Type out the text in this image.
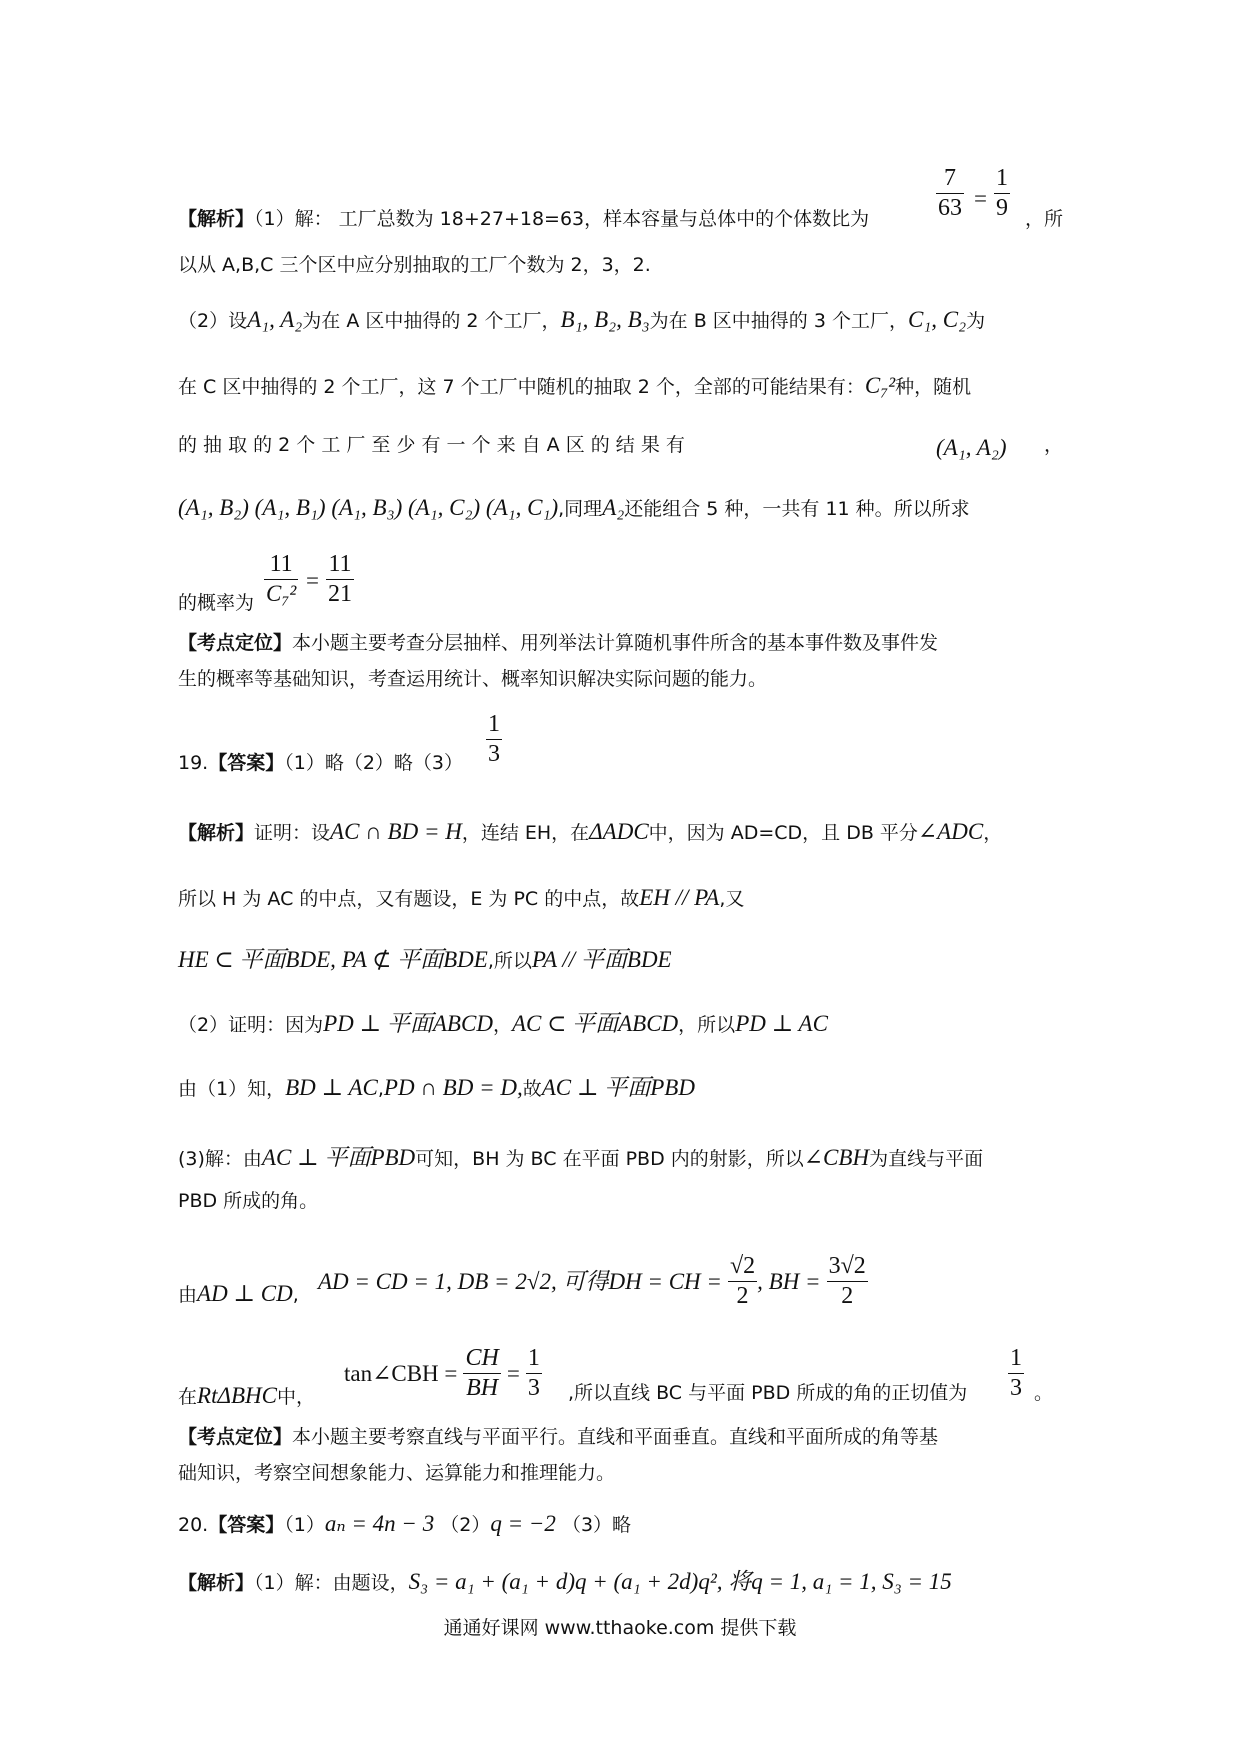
$\frac{7}{63} = \frac{1}{9}$
【解析】（1）解： 工厂总数为 18+27+18=63，样本容量与总体中的个体数比为	，所
以从 A,B,C 三个区中应分别抽取的工厂个数为 2，3，2.
（2）设A₁, A₂为在 A 区中抽得的 2 个工厂，B₁, B₂, B₃为在 B 区中抽得的 3 个工厂，C₁, C₂为
在 C 区中抽得的 2 个工厂，这 7 个工厂中随机的抽取 2 个，全部的可能结果有：C₇²种，随机
的 抽 取 的 2 个 工 厂 至 少 有 一 个 来 自 A 区 的 结 果 有	(A₁, A₂) ，
(A₁, B₂) (A₁, B₁) (A₁, B₃) (A₁, C₂) (A₁, C₁),同理A₂还能组合 5 种，一共有 11 种。所以所求
$\frac{11}{\text{C₇²}} = \frac{11}{21}$
的概率为
【考点定位】本小题主要考查分层抽样、用列举法计算随机事件所含的基本事件数及事件发
生的概率等基础知识，考查运用统计、概率知识解决实际问题的能力。
$\frac{1}{3}$
19.【答案】（1）略（2）略（3）
【解析】证明：设AC ∩ BD = H，连结 EH，在ΔADC中，因为 AD=CD，且 DB 平分∠ADC，
所以 H 为 AC 的中点，又有题设，E 为 PC 的中点，故EH // PA,又
HE ⊂ 平面BDE, PA ⊄ 平面BDE,所以PA // 平面BDE
（2）证明：因为PD ⊥ 平面ABCD，AC ⊂ 平面ABCD，所以PD ⊥ AC
由（1）知，BD ⊥ AC,PD ∩ BD = D,故AC ⊥ 平面PBD
(3)解：由AC ⊥ 平面PBD可知，BH 为 BC 在平面 PBD 内的射影，所以∠CBH为直线与平面
PBD 所成的角。
由AD ⊥ CD,
AD = CD = 1, DB = 2√2, 可得DH = CH = $\frac{√2}{2}$ , BH = $\frac{3√2}{2}$
在RtΔBHC中，
tan∠CBH = $\frac{CH}{BH} = \frac{1}{3}$ ,所以直线 BC 与平面 PBD 所成的角的正切值为 $\frac{1}{3}$ 。
【考点定位】本小题主要考察直线与平面平行。直线和平面垂直。直线和平面所成的角等基
础知识，考察空间想象能力、运算能力和推理能力。
20.【答案】（1）aₙ = 4n − 3 （2）q = −2 （3）略
【解析】（1）解：由题设，S₃ = a₁ + (a₁ + d)q + (a₁ + 2d)q², 将q = 1, a₁ = 1, S₃ = 15
通通好课网 www.tthaoke.com 提供下载
